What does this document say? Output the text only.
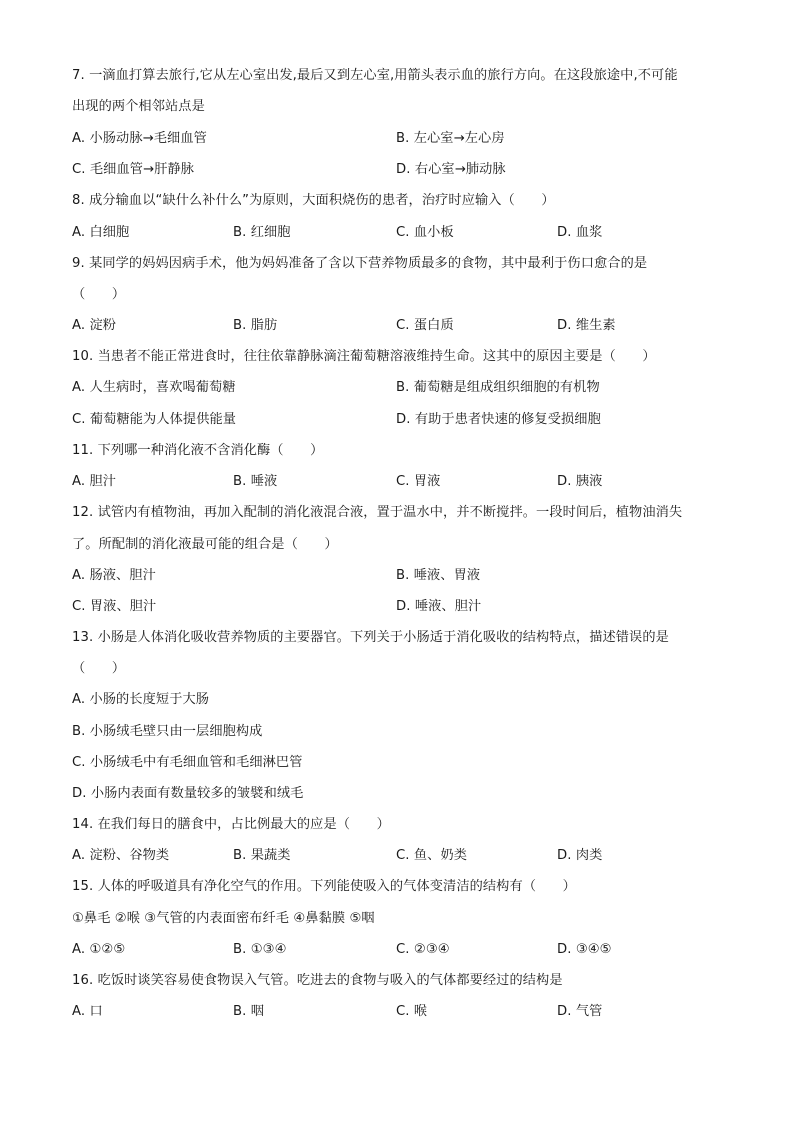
7. 一滴血打算去旅行,它从左心室出发,最后又到左心室,用箭头表示血的旅行方向。在这段旅途中,不可能
出现的两个相邻站点是
A. 小肠动脉→毛细血管	B. 左心室→左心房
C. 毛细血管→肝静脉	D. 右心室→肺动脉
8. 成分输血以“缺什么补什么”为原则，大面积烧伤的患者，治疗时应输入（　　）
A. 白细胞	B. 红细胞	C. 血小板	D. 血浆
9. 某同学的妈妈因病手术，他为妈妈准备了含以下营养物质最多的食物，其中最利于伤口愈合的是
（　　）
A. 淀粉	B. 脂肪	C. 蛋白质	D. 维生素
10. 当患者不能正常进食时，往往依靠静脉滴注葡萄糖溶液维持生命。这其中的原因主要是（　　）
A. 人生病时，喜欢喝葡萄糖	B. 葡萄糖是组成组织细胞的有机物
C. 葡萄糖能为人体提供能量	D. 有助于患者快速的修复受损细胞
11. 下列哪一种消化液不含消化酶（　　）
A. 胆汁	B. 唾液	C. 胃液	D. 胰液
12. 试管内有植物油，再加入配制的消化液混合液，置于温水中，并不断搅拌。一段时间后，植物油消失
了。所配制的消化液最可能的组合是（　　）
A. 肠液、胆汁	B. 唾液、胃液
C. 胃液、胆汁	D. 唾液、胆汁
13. 小肠是人体消化吸收营养物质的主要器官。下列关于小肠适于消化吸收的结构特点，描述错误的是
（　　）
A. 小肠的长度短于大肠
B. 小肠绒毛壁只由一层细胞构成
C. 小肠绒毛中有毛细血管和毛细淋巴管
D. 小肠内表面有数量较多的皱襞和绒毛
14. 在我们每日的膳食中，占比例最大的应是（　　）
A. 淀粉、谷物类	B. 果蔬类	C. 鱼、奶类	D. 肉类
15. 人体的呼吸道具有净化空气的作用。下列能使吸入的气体变清洁的结构有（　　）
①鼻毛 ②喉 ③气管的内表面密布纤毛 ④鼻黏膜 ⑤咽
A. ①②⑤	B. ①③④	C. ②③④	D. ③④⑤
16. 吃饭时谈笑容易使食物误入气管。吃进去的食物与吸入的气体都要经过的结构是
A. 口	B. 咽	C. 喉	D. 气管
